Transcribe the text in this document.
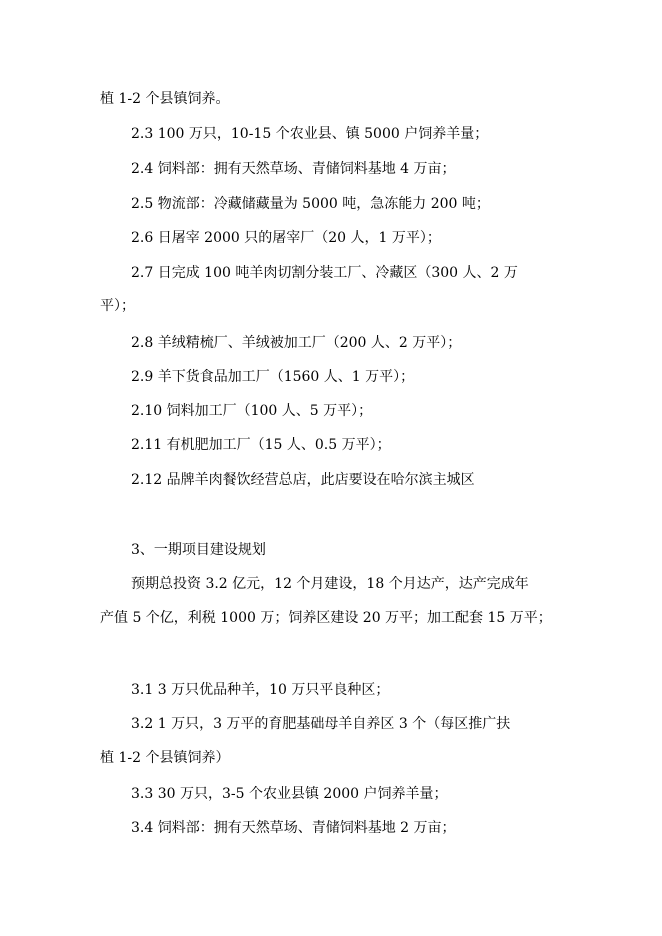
植 1-2 个县镇饲养。
2.3 100 万只，10-15 个农业县、镇 5000 户饲养羊量；
2.4 饲料部：拥有天然草场、青储饲料基地 4 万亩；
2.5 物流部：冷藏储藏量为 5000 吨，急冻能力 200 吨；
2.6 日屠宰 2000 只的屠宰厂（20 人，1 万平）；
2.7 日完成 100 吨羊肉切割分装工厂、冷藏区（300 人、2 万
平）；
2.8 羊绒精梳厂、羊绒被加工厂（200 人、2 万平）；
2.9 羊下货食品加工厂（1560 人、1 万平）；
2.10 饲料加工厂（100 人、5 万平）；
2.11 有机肥加工厂（15 人、0.5 万平）；
2.12 品牌羊肉餐饮经营总店，此店要设在哈尔滨主城区
3、一期项目建设规划
预期总投资 3.2 亿元，12 个月建设，18 个月达产，达产完成年
产值 5 个亿，利税 1000 万；饲养区建设 20 万平；加工配套 15 万平；
3.1 3 万只优品种羊，10 万只平良种区；
3.2 1 万只，3 万平的育肥基础母羊自养区 3 个（每区推广扶
植 1-2 个县镇饲养）
3.3 30 万只，3-5 个农业县镇 2000 户饲养羊量；
3.4 饲料部：拥有天然草场、青储饲料基地 2 万亩；
